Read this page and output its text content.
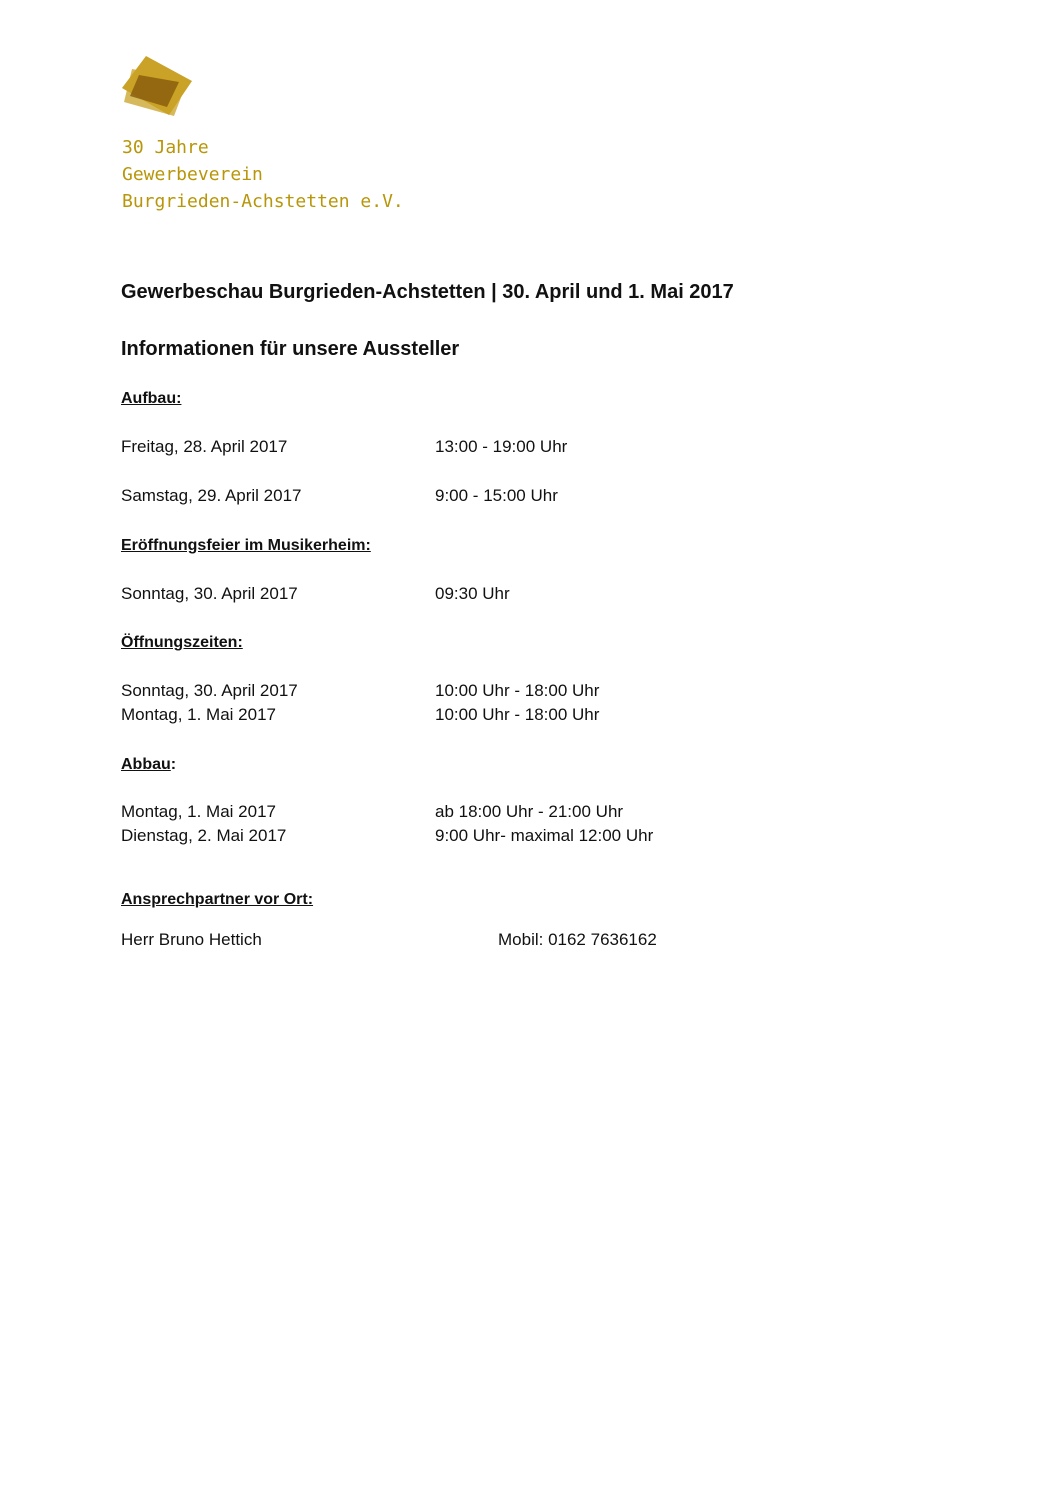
30 Jahre
Gewerbeverein
Burgrieden-Achstetten e.V.
Gewerbeschau Burgrieden-Achstetten | 30. April und 1. Mai 2017
Informationen für unsere Aussteller
Aufbau:
Freitag, 28. April 2017	13:00 - 19:00 Uhr
Samstag, 29. April 2017	9:00 - 15:00 Uhr
Eröffnungsfeier im Musikerheim:
Sonntag, 30. April 2017	09:30 Uhr
Öffnungszeiten:
Sonntag, 30. April 2017	10:00 Uhr - 18:00 Uhr
Montag, 1. Mai 2017	10:00 Uhr - 18:00 Uhr
Abbau:
Montag, 1. Mai 2017	ab 18:00 Uhr - 21:00 Uhr
Dienstag, 2. Mai 2017	9:00 Uhr- maximal 12:00 Uhr
Ansprechpartner vor Ort:
Herr Bruno Hettich	Mobil: 0162 7636162
